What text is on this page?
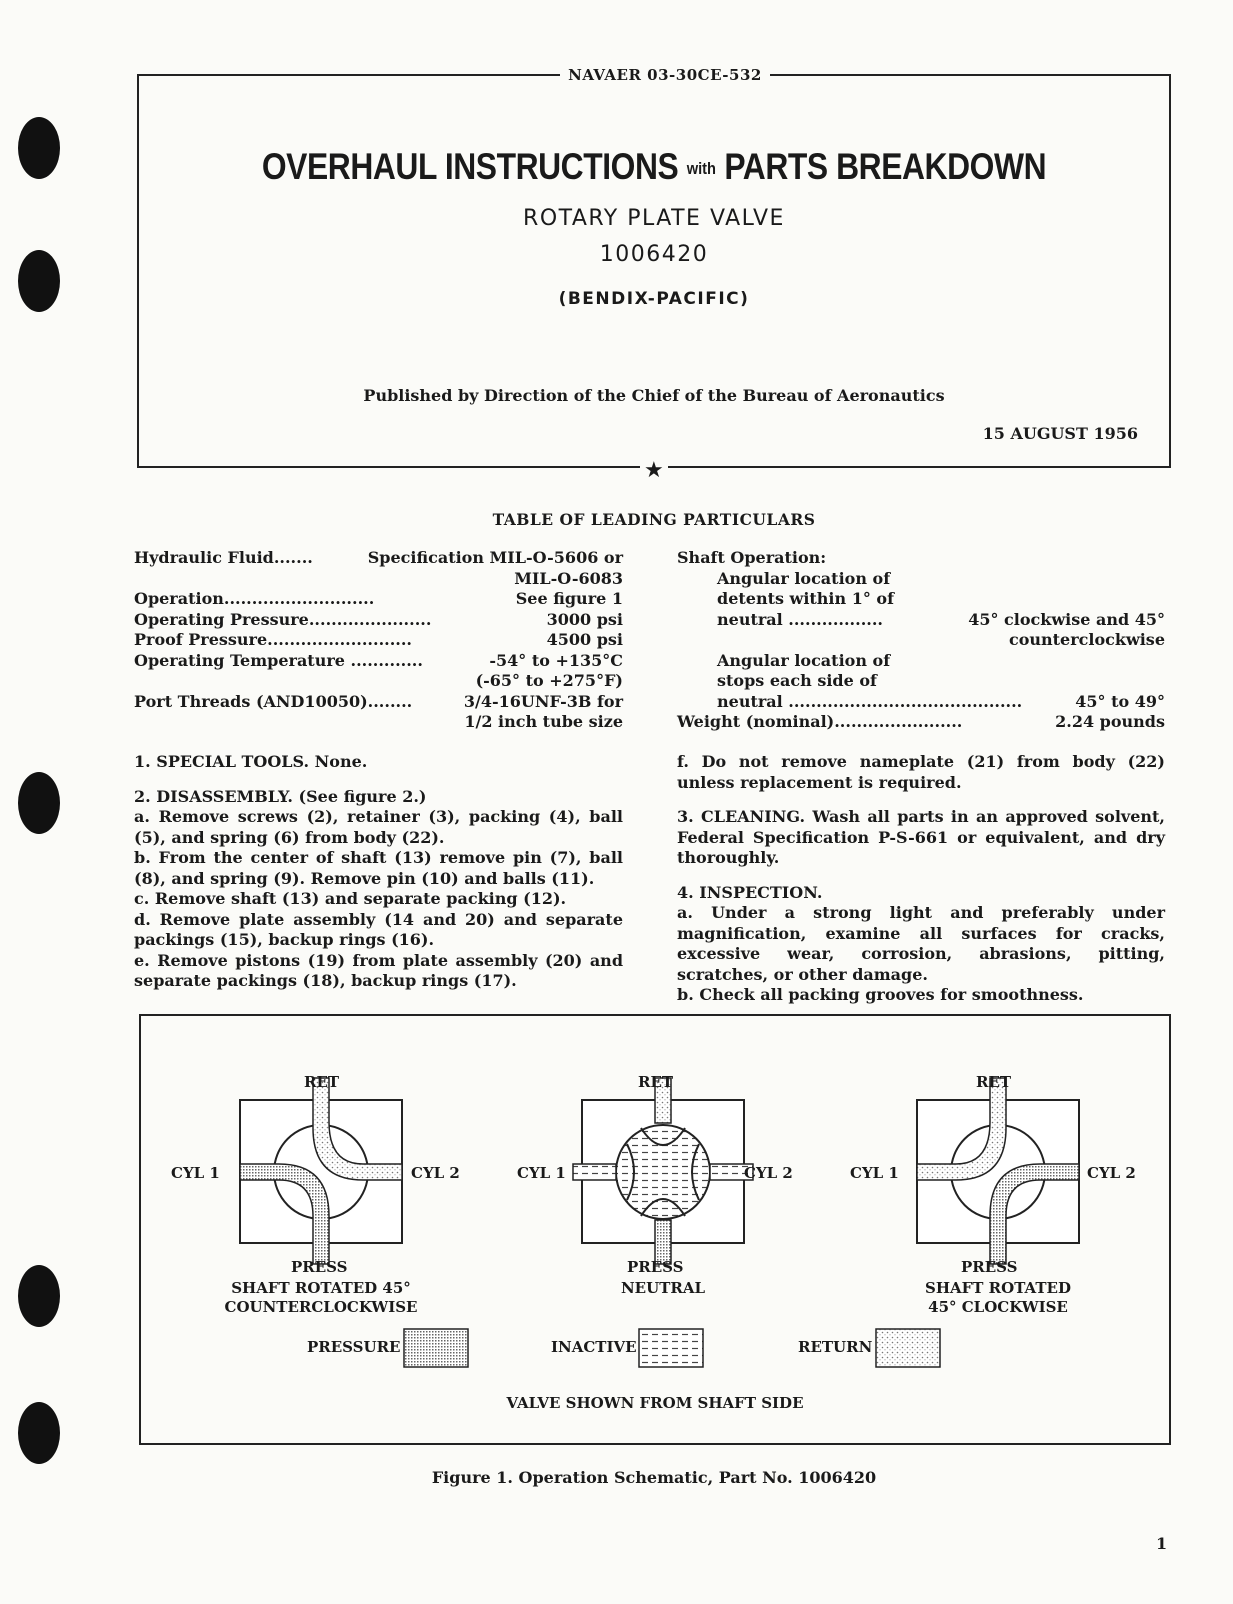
NAVAER 03-30CE-532
OVERHAUL INSTRUCTIONS with PARTS BREAKDOWN
ROTARY PLATE VALVE
1006420
(BENDIX-PACIFIC)
Published by Direction of the Chief of the Bureau of Aeronautics
15 AUGUST 1956
★
TABLE OF LEADING PARTICULARS
Hydraulic Fluid.......	Specification MIL-O-5606 or
MIL-O-6083
Operation...........................	See figure 1
Operating Pressure......................	3000 psi
Proof Pressure..........................	4500 psi
Operating Temperature .............	-54° to +135°C
(-65° to +275°F)
Port Threads (AND10050)........	3/4-16UNF-3B for
1/2 inch tube size
Shaft Operation:
Angular location of
detents within 1° of
neutral .................	45° clockwise and 45°
counterclockwise
Angular location of
stops each side of
neutral ..........................................	45° to 49°
Weight (nominal).......................	2.24 pounds

1. SPECIAL TOOLS. None.

2. DISASSEMBLY. (See figure 2.)

a. Remove screws (2), retainer (3), packing (4), ball (5), and spring (6) from body (22).

b. From the center of shaft (13) remove pin (7), ball (8), and spring (9). Remove pin (10) and balls (11).

c. Remove shaft (13) and separate packing (12).

d. Remove plate assembly (14 and 20) and separate packings (15), backup rings (16).

e. Remove pistons (19) from plate assembly (20) and separate packings (18), backup rings (17).

f. Do not remove nameplate (21) from body (22) unless replacement is required.

3. CLEANING. Wash all parts in an approved solvent, Federal Specification P-S-661 or equivalent, and dry thoroughly.

4. INSPECTION.

a. Under a strong light and preferably under magnification, examine all surfaces for cracks, excessive wear, corrosion, abrasions, pitting, scratches, or other damage.

b. Check all packing grooves for smoothness.

RET
CYL 1	CYL 2
PRESS
SHAFT ROTATED 45°
COUNTERCLOCKWISE
RET
CYL 1	CYL 2
PRESS
NEUTRAL
RET
CYL 1	CYL 2
PRESS
SHAFT ROTATED
45° CLOCKWISE
PRESSURE	INACTIVE	RETURN
VALVE SHOWN FROM SHAFT SIDE
Figure 1. Operation Schematic, Part No. 1006420
1
